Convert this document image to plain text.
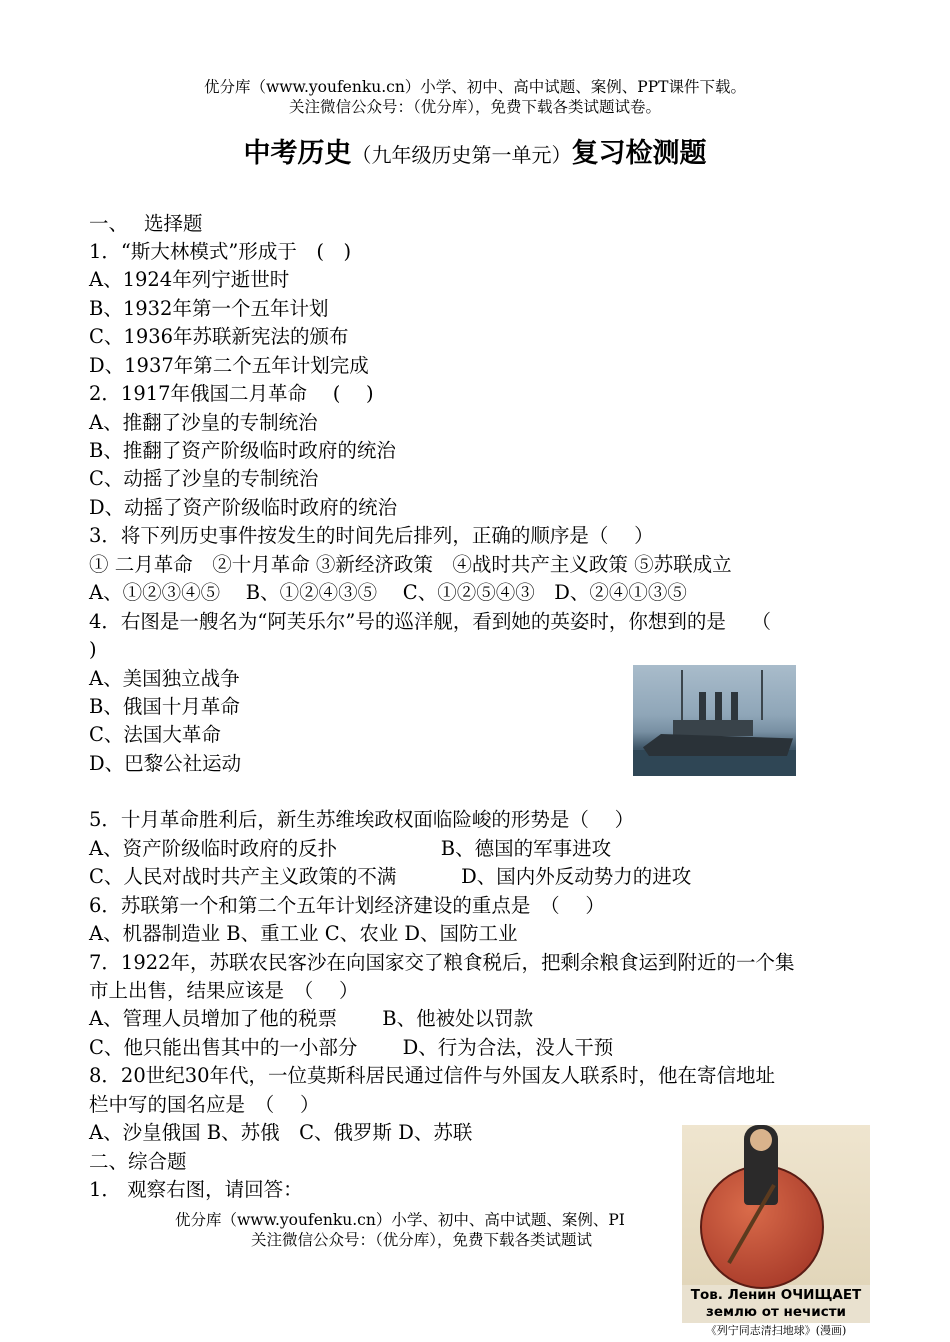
优分库（www.youfenku.cn）小学、初中、高中试题、案例、PPT课件下载。
关注微信公众号：（优分库），免费下载各类试题试卷。
中考历史（九年级历史第一单元）复习检测题
一、　 选择题
1．“斯大林模式”形成于　(　)
A、1924年列宁逝世时
B、1932年第一个五年计划
C、1936年苏联新宪法的颁布
D、1937年第二个五年计划完成
2．1917年俄国二月革命　 (　 )
A、推翻了沙皇的专制统治
B、推翻了资产阶级临时政府的统治
C、动摇了沙皇的专制统治
D、动摇了资产阶级临时政府的统治
3．将下列历史事件按发生的时间先后排列，正确的顺序是（　 ）
① 二月革命　②十月革命 ③新经济政策　④战时共产主义政策 ⑤苏联成立
A、①②③④⑤　 B、①②④③⑤　 C、①②⑤④③　D、②④①③⑤
4．右图是一艘名为“阿芙乐尔”号的巡洋舰，看到她的英姿时，你想到的是　 （
)
A、美国独立战争
B、俄国十月革命
C、法国大革命
D、巴黎公社运动
5．十月革命胜利后，新生苏维埃政权面临险峻的形势是（　 ）
A、资产阶级临时政府的反扑　　　　　 B、德国的军事进攻
C、人民对战时共产主义政策的不满　　　 D、国内外反动势力的进攻
6．苏联第一个和第二个五年计划经济建设的重点是　（　 ）
A、机器制造业 B、重工业 C、农业 D、国防工业
7．1922年，苏联农民客沙在向国家交了粮食税后，把剩余粮食运到附近的一个集
市上出售，结果应该是　（　 ）
A、管理人员增加了他的税票　　 B、他被处以罚款
C、他只能出售其中的一小部分　　 D、行为合法，没人干预
8．20世纪30年代，一位莫斯科居民通过信件与外国友人联系时，他在寄信地址
栏中写的国名应是　（　 ）
A、沙皇俄国 B、苏俄　C、俄罗斯 D、苏联
二、综合题
1． 观察右图，请回答：
优分库（www.youfenku.cn）小学、初中、高中试题、案例、PI
关注微信公众号：（优分库），免费下载各类试题试
Тов. Ленин ОЧИЩАЕТ
землю от нечисти
《列宁同志清扫地球》(漫画)
